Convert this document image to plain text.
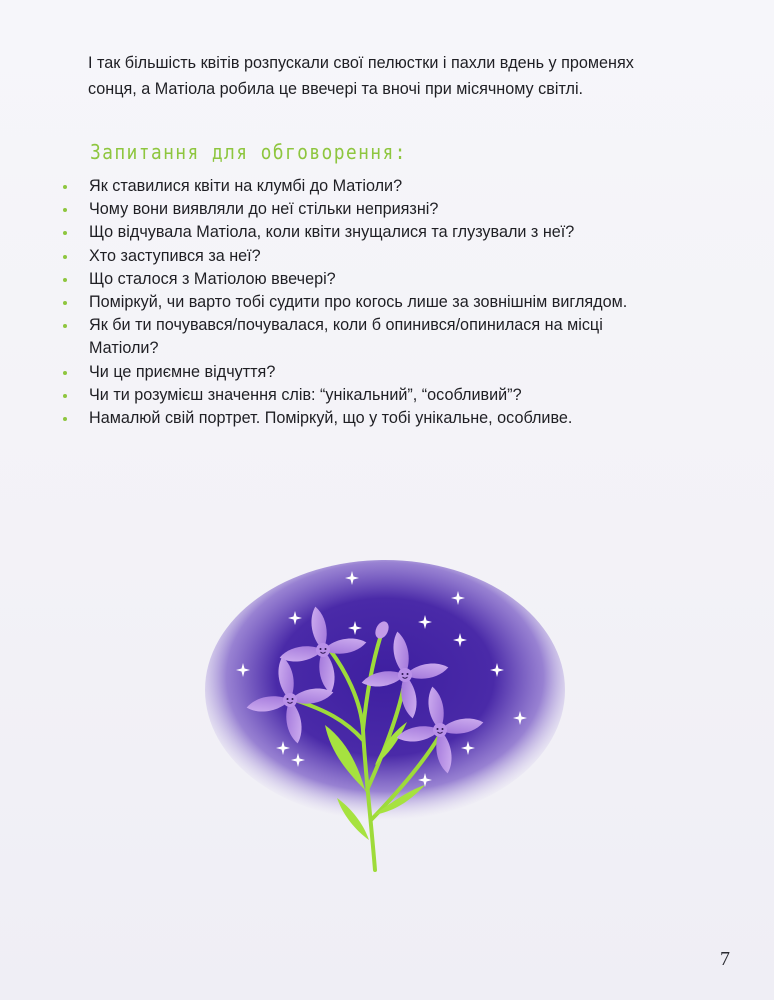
І так більшість квітів розпускали свої пелюстки і пахли вдень у променях
сонця, а Матіола робила це ввечері та вночі при місячному світлі.

Запитання для обговорення:
Як ставилися квіти на клумбі до Матіоли?
Чому вони виявляли до неї стільки неприязні?
Що відчувала Матіола, коли квіти знущалися та глузували з неї?
Хто заступився за неї?
Що сталося з Матіолою ввечері?
Поміркуй, чи варто тобі судити про когось лише за зовнішнім виглядом.
Як би ти почувався/почувалася, коли б опинився/опинилася на місці
Матіоли?
Чи це приємне відчуття?
Чи ти розумієш значення слів: “унікальний”, “особливий”?
Намалюй свій портрет. Поміркуй, що у тобі унікальне, особливе.

7
